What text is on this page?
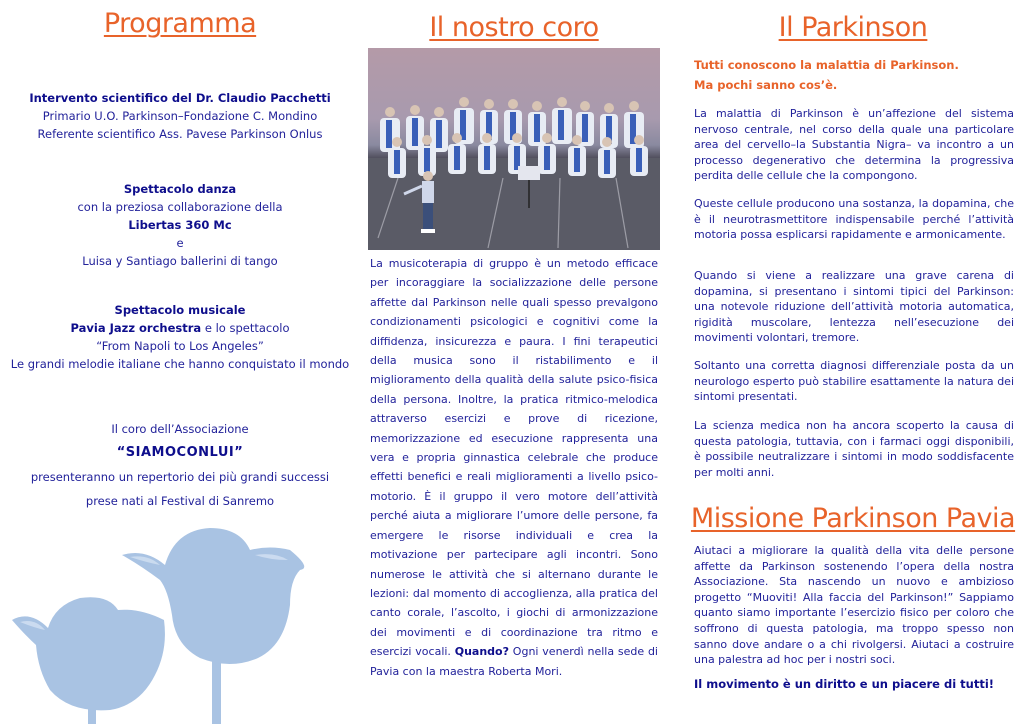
Programma
Intervento scientifico del Dr. Claudio Pacchetti
Primario U.O. Parkinson–Fondazione C. Mondino
Referente scientifico Ass. Pavese Parkinson Onlus
Spettacolo danza
con la preziosa collaborazione della
Libertas 360 Mc
e
Luisa y Santiago ballerini di tango
Spettacolo musicale
Pavia Jazz orchestra e lo spettacolo
“From Napoli to Los Angeles”
Le grandi melodie italiane che hanno conquistato il mondo
Il coro dell’Associazione
“SIAMOCONLUI”
presenteranno un repertorio dei più grandi successi
prese nati al Festival di Sanremo
Il nostro coro

La musicoterapia di gruppo è un metodo efficace per incoraggiare la socializzazione delle persone affette dal Parkinson nelle quali spesso prevalgono condizionamenti psicologici e cognitivi come la diffidenza, insicurezza e paura. I fini terapeutici della musica sono il ristabilimento e il miglioramento della qualità della salute psico-fisica della persona. Inoltre, la pratica ritmico-melodica attraverso esercizi e prove di ricezione, memorizzazione ed esecuzione rappresenta una vera e propria ginnastica celebrale che produce effetti benefici e reali miglioramenti a livello psico-motorio. È il gruppo il vero motore dell’attività perché aiuta a migliorare l’umore delle persone, fa emergere le risorse individuali e crea la motivazione per partecipare agli incontri. Sono numerose le attività che si alternano durante le lezioni: dal momento di accoglienza, alla pratica del canto corale, l’ascolto, i giochi di armonizzazione dei movimenti e di coordinazione tra ritmo e esercizi vocali. Quando? Ogni venerdì nella sede di Pavia con la maestra Roberta Mori.

Il Parkinson
Tutti conoscono la malattia di Parkinson.
Ma pochi sanno cos’è.

La malattia di Parkinson è un’affezione del sistema nervoso centrale, nel corso della quale una particolare area del cervello–la Substantia Nigra– va incontro a un processo degenerativo che determina la progressiva perdita delle cellule che la compongono.

Queste cellule producono una sostanza, la dopamina, che è il neurotrasmettitore indispensabile perché l’attività motoria possa esplicarsi rapidamente e armonicamente.

Quando si viene a realizzare una grave carena di dopamina, si presentano i sintomi tipici del Parkinson: una notevole riduzione dell’attività motoria automatica, rigidità muscolare, lentezza nell’esecuzione dei movimenti volontari, tremore.

Soltanto una corretta diagnosi differenziale posta da un neurologo esperto può stabilire esattamente la natura dei sintomi presentati.

La scienza medica non ha ancora scoperto la causa di questa patologia, tuttavia, con i farmaci oggi disponibili, è possibile neutralizzare i sintomi in modo soddisfacente per molti anni.

Missione Parkinson Pavia

Aiutaci a migliorare la qualità della vita delle persone affette da Parkinson sostenendo l’opera della nostra Associazione. Sta nascendo un nuovo e ambizioso progetto “Muoviti! Alla faccia del Parkinson!” Sappiamo quanto siamo importante l’esercizio fisico per coloro che soffrono di questa patologia, ma troppo spesso non sanno dove andare o a chi rivolgersi. Aiutaci a costruire una palestra ad hoc per i nostri soci.

Il movimento è un diritto e un piacere di tutti!
